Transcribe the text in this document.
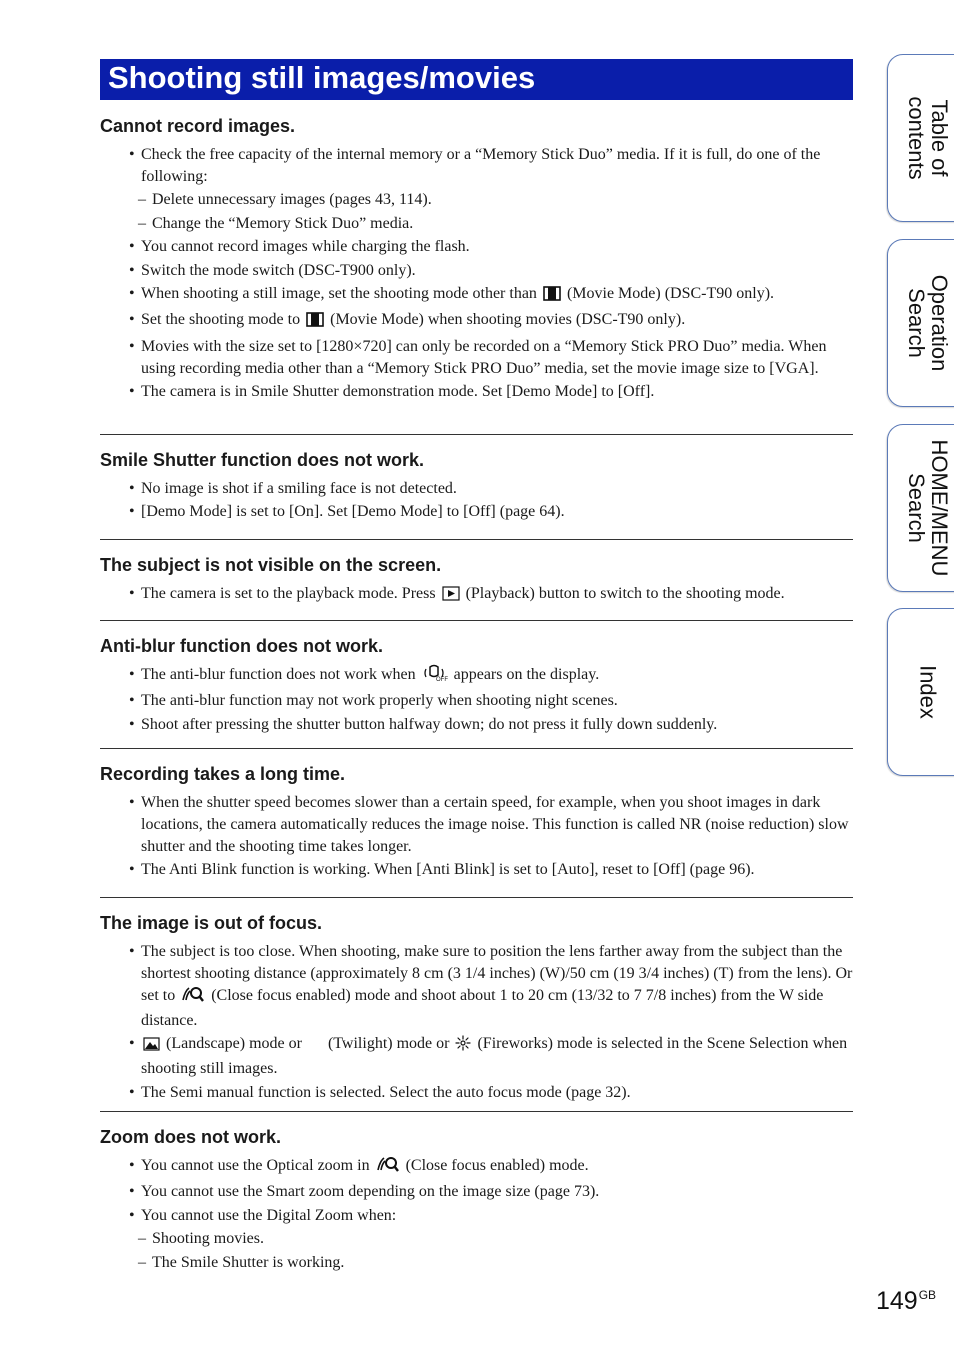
Shooting still images/movies
Cannot record images.
• Check the free capacity of the internal memory or a “Memory Stick Duo” media. If it is full, do one of the following:
– Delete unnecessary images (pages 43, 114).
– Change the “Memory Stick Duo” media.
• You cannot record images while charging the flash.
• Switch the mode switch (DSC-T900 only).
• When shooting a still image, set the shooting mode other than (Movie Mode) (DSC-T90 only).
• Set the shooting mode to (Movie Mode) when shooting movies (DSC-T90 only).
• Movies with the size set to [1280×720] can only be recorded on a “Memory Stick PRO Duo” media. When using recording media other than a “Memory Stick PRO Duo” media, set the movie image size to [VGA].
• The camera is in Smile Shutter demonstration mode. Set [Demo Mode] to [Off].
Smile Shutter function does not work.
• No image is shot if a smiling face is not detected.
• [Demo Mode] is set to [On]. Set [Demo Mode] to [Off] (page 64).
The subject is not visible on the screen.
• The camera is set to the playback mode. Press (Playback) button to switch to the shooting mode.
Anti-blur function does not work.
• The anti-blur function does not work when	OFF appears on the display.
• The anti-blur function may not work properly when shooting night scenes.
• Shoot after pressing the shutter button halfway down; do not press it fully down suddenly.
Recording takes a long time.
• When the shutter speed becomes slower than a certain speed, for example, when you shoot images in dark locations, the camera automatically reduces the image noise. This function is called NR (noise reduction) slow shutter and the shooting time takes longer.
• The Anti Blink function is working. When [Anti Blink] is set to [Auto], reset to [Off] (page 96).
The image is out of focus.
• The subject is too close. When shooting, make sure to position the lens farther away from the subject than the shortest shooting distance (approximately 8 cm (3 1/4 inches) (W)/50 cm (19 3/4 inches) (T) from the lens). Or set to (Close focus enabled) mode and shoot about 1 to 20 cm (13/32 to 7 7/8 inches) from the W side distance.
• (Landscape) mode or (Twilight) mode or (Fireworks) mode is selected in the Scene Selection when shooting still images.
• The Semi manual function is selected. Select the auto focus mode (page 32).
Zoom does not work.
• You cannot use the Optical zoom in (Close focus enabled) mode.
• You cannot use the Smart zoom depending on the image size (page 73).
• You cannot use the Digital Zoom when:
– Shooting movies.
– The Smile Shutter is working.
Table of
contents
Operation
Search
HOME/MENU
Search
Index
$149^{GB}$
